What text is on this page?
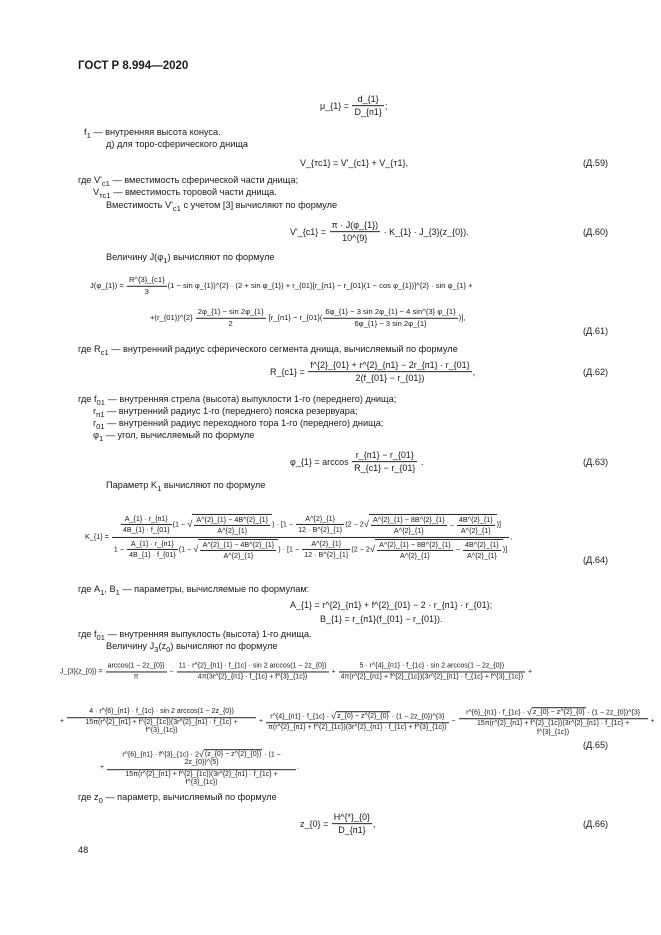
ГОСТ Р 8.994—2020
$f_1$ — внутренняя высота конуса.
д) для торо-сферического днища
где $V'_{с1}$ — вместимость сферической части днища;
$V_{тс1}$ — вместимость торовой части днища.
Вместимость $V'_{с1}$ с учетом [3] вычисляют по формуле
Величину $J(\varphi_1)$ вычисляют по формуле
где $R_{с1}$ — внутренний радиус сферического сегмента днища, вычисляемый по формуле
где $f_{01}$ — внутренняя стрела (высота) выпуклости 1-го (переднего) днища;
$r_{п1}$ — внутренний радиус 1-го (переднего) пояска резервуара;
$r_{01}$ — внутренний радиус переходного тора 1-го (переднего) днища;
$\varphi_1$ — угол, вычисляемый по формуле
Параметр $K_1$ вычисляют по формуле
где $A_1$, $B_1$ — параметры, вычисляемые по формулам:
где $f_{01}$ — внутренняя выпуклость (высота) 1-го днища.
Величину $J_3(z_0)$ вычисляют по формуле
где $z_0$ — параметр, вычисляемый по формуле
μ_{1} = $\frac{d\_\{1\}}{D\_\{п1\}}$ ;
V_{тс1} = V'_{с1} + V_{т1},
V'_{с1} = $\frac{\pi \cdot J(\varphi\_\{1\})}{10\^{}\{9\}}$ · K_{1} · J_{3}(z_{0}).
J(φ_{1}) = $\frac{R\^{}\{3\}\_\{с1\}}{3} (1 - \sin$ φ_{1})^{2} · (2 + sin φ_{1}) + r_{01}[r_{п1} − r_{01}(1 − cos φ_{1})]^{2} · sin φ_{1} +
+(r_{01})^{2} $\frac{2\varphi\_\{1\} - \sin 2\varphi\_\{1\}}{2}$ [r_{п1} − r_{01}( $\frac{6\varphi\_\{1\} - 3 \sin 2\varphi\_\{1\} - 4 \sin\^{}\{3\} \varphi\_\{1\}}{6\varphi\_\{1\} - 3 \sin 2\varphi\_\{1\}}$ )],
R_{с1} = $\frac{f\^{}\{2\}\_\{01\} + r\^{}\{2\}\_\{п1\} - 2r\_\{п1\} \cdot r\_\{01\}}{2(f\_\{01\} - r\_\{01\})}$ ,
φ_{1} = $\arccos \frac{r\_\{п1\} - r\_\{01\}}{R\_\{с1\} - r\_\{01\}}$ .
K_{1} =
$\frac{A\_\{1\} \cdot r\_\{п1\}}{4B\_\{1\} \cdot f\_\{01\}} (1$ − √ $\frac{A\^{}\{2\}\_\{1\} - 4B\^{}\{2\}\_\{1\}}{A\^{}\{2\}\_\{1\}}$ ) · [$1 - \frac{A\^{}\{2\}\_\{1\}}{12 \cdot B\^{}\{2\}\_\{1\}} (2 - 2$ √ $\frac{A\^{}\{2\}\_\{1\} - 8B\^{}\{2\}\_\{1\}}{A\^{}\{2\}\_\{1\}} - \frac{4B\^{}\{2\}\_\{1\}}{A\^{}\{2\}\_\{1\}}$ )]
$1 - \frac{A\_\{1\} \cdot r\_\{п1\}}{4B\_\{1\} \cdot f\_\{01\}} (1$ − √ $\frac{A\^{}\{2\}\_\{1\} - 4B\^{}\{2\}\_\{1\}}{A\^{}\{2\}\_\{1\}}$ ) · [$1 - \frac{A\^{}\{2\}\_\{1\}}{12 \cdot B\^{}\{2\}\_\{1\}} (2 - 2$ √ $\frac{A\^{}\{2\}\_\{1\} - 8B\^{}\{2\}\_\{1\}}{A\^{}\{2\}\_\{1\}} - \frac{4B\^{}\{2\}\_\{1\}}{A\^{}\{2\}\_\{1\}}$ )]
,
A_{1} = r^{2}_{п1} + f^{2}_{01} − 2 · r_{п1} · r_{01};
B_{1} = r_{п1}(f_{01} − r_{01}).
J_{3}(z_{0}) = $\frac{\arccos(1 - 2z\_\{0\})}{\pi} - \frac{11 \cdot r\^{}\{2\}\_\{п1\} \cdot f\_\{1с\} \cdot \sin 2 \arccos(1 - 2z\_\{0\})}{4\pi(3r\^{}\{2\}\_\{п1\} \cdot f\_\{1с\} + f\^{}\{3\}\_\{1с\})}$ +
5 · r^{4}_{п1} · f_{1с} · sin 2 arccos(1 − 2z_{0})
4π(r^{2}_{п1} + f^{2}_{1с})(3r^{2}_{п1} · f_{1с} + f^{3}_{1с})
+
+
4 · r^{6}_{п1} · f_{1с} · sin 2 arccos(1 − 2z_{0})
15π(r^{2}_{п1} + f^{2}_{1с})(3r^{2}_{п1} · f_{1с} + f^{3}_{1с})
+
r^{4}_{п1} · f_{1с} · √ z_{0} − z^{2}_{0} · (1 − 2z_{0})^{3}
π(r^{2}_{п1} + f^{2}_{1с})(3r^{2}_{п1} · f_{1с} + f^{3}_{1с})
−
r^{6}_{п1} · f_{1с} · √ z_{0} − z^{2}_{0} · (1 − 2z_{0})^{3}
15π(r^{2}_{п1} + f^{2}_{1с})(3r^{2}_{п1} · f_{1с} + f^{3}_{1с})
+
+
r^{6}_{п1} · f^{3}_{1с} · 2 √ (z_{0} − z^{2}_{0}) · (1 − 2z_{0})^{5}
15π(r^{2}_{п1} + f^{2}_{1с})(3r^{2}_{п1} · f_{1с} + f^{3}_{1с})
.
z_{0} = $\frac{H\^{}\{*\}\_\{0\}}{D\_\{п1\}}$ ,
(Д.59)
(Д.60)
(Д.61)
(Д.62)
(Д.63)
(Д.64)
(Д.65)
(Д.66)
48
